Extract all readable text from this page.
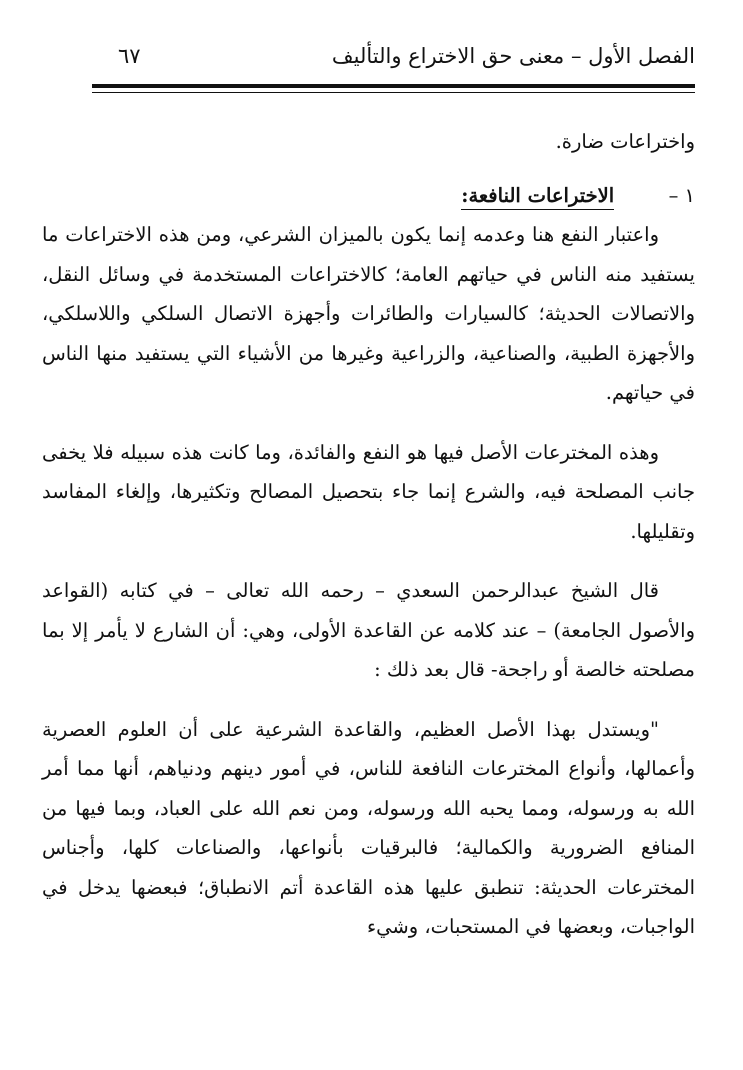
الفصل الأول – معنى حق الاختراع والتأليف
٦٧

واختراعات ضارة.

١ – الاختراعات النافعة:

واعتبار النفع هنا وعدمه إنما يكون بالميزان الشرعي، ومن هذه الاختراعات ما يستفيد منه الناس في حياتهم العامة؛ كالاختراعات المستخدمة في وسائل النقل، والاتصالات الحديثة؛ كالسيارات والطائرات وأجهزة الاتصال السلكي واللاسلكي، والأجهزة الطبية، والصناعية، والزراعية وغيرها من الأشياء التي يستفيد منها الناس في حياتهم.

وهذه المخترعات الأصل فيها هو النفع والفائدة، وما كانت هذه سبيله فلا يخفى جانب المصلحة فيه، والشرع إنما جاء بتحصيل المصالح وتكثيرها، وإلغاء المفاسد وتقليلها.

قال الشيخ عبدالرحمن السعدي – رحمه الله تعالى – في كتابه (القواعد والأصول الجامعة) – عند كلامه عن القاعدة الأولى، وهي: أن الشارع لا يأمر إلا بما مصلحته خالصة أو راجحة- قال بعد ذلك :

"ويستدل بهذا الأصل العظيم، والقاعدة الشرعية على أن العلوم العصرية وأعمالها، وأنواع المخترعات النافعة للناس، في أمور دينهم ودنياهم، أنها مما أمر الله به ورسوله، ومما يحبه الله ورسوله، ومن نعم الله على العباد، وبما فيها من المنافع الضرورية والكمالية؛ فالبرقيات بأنواعها، والصناعات كلها، وأجناس المخترعات الحديثة: تنطبق عليها هذه القاعدة أتم الانطباق؛ فبعضها يدخل في الواجبات، وبعضها في المستحبات، وشيء
